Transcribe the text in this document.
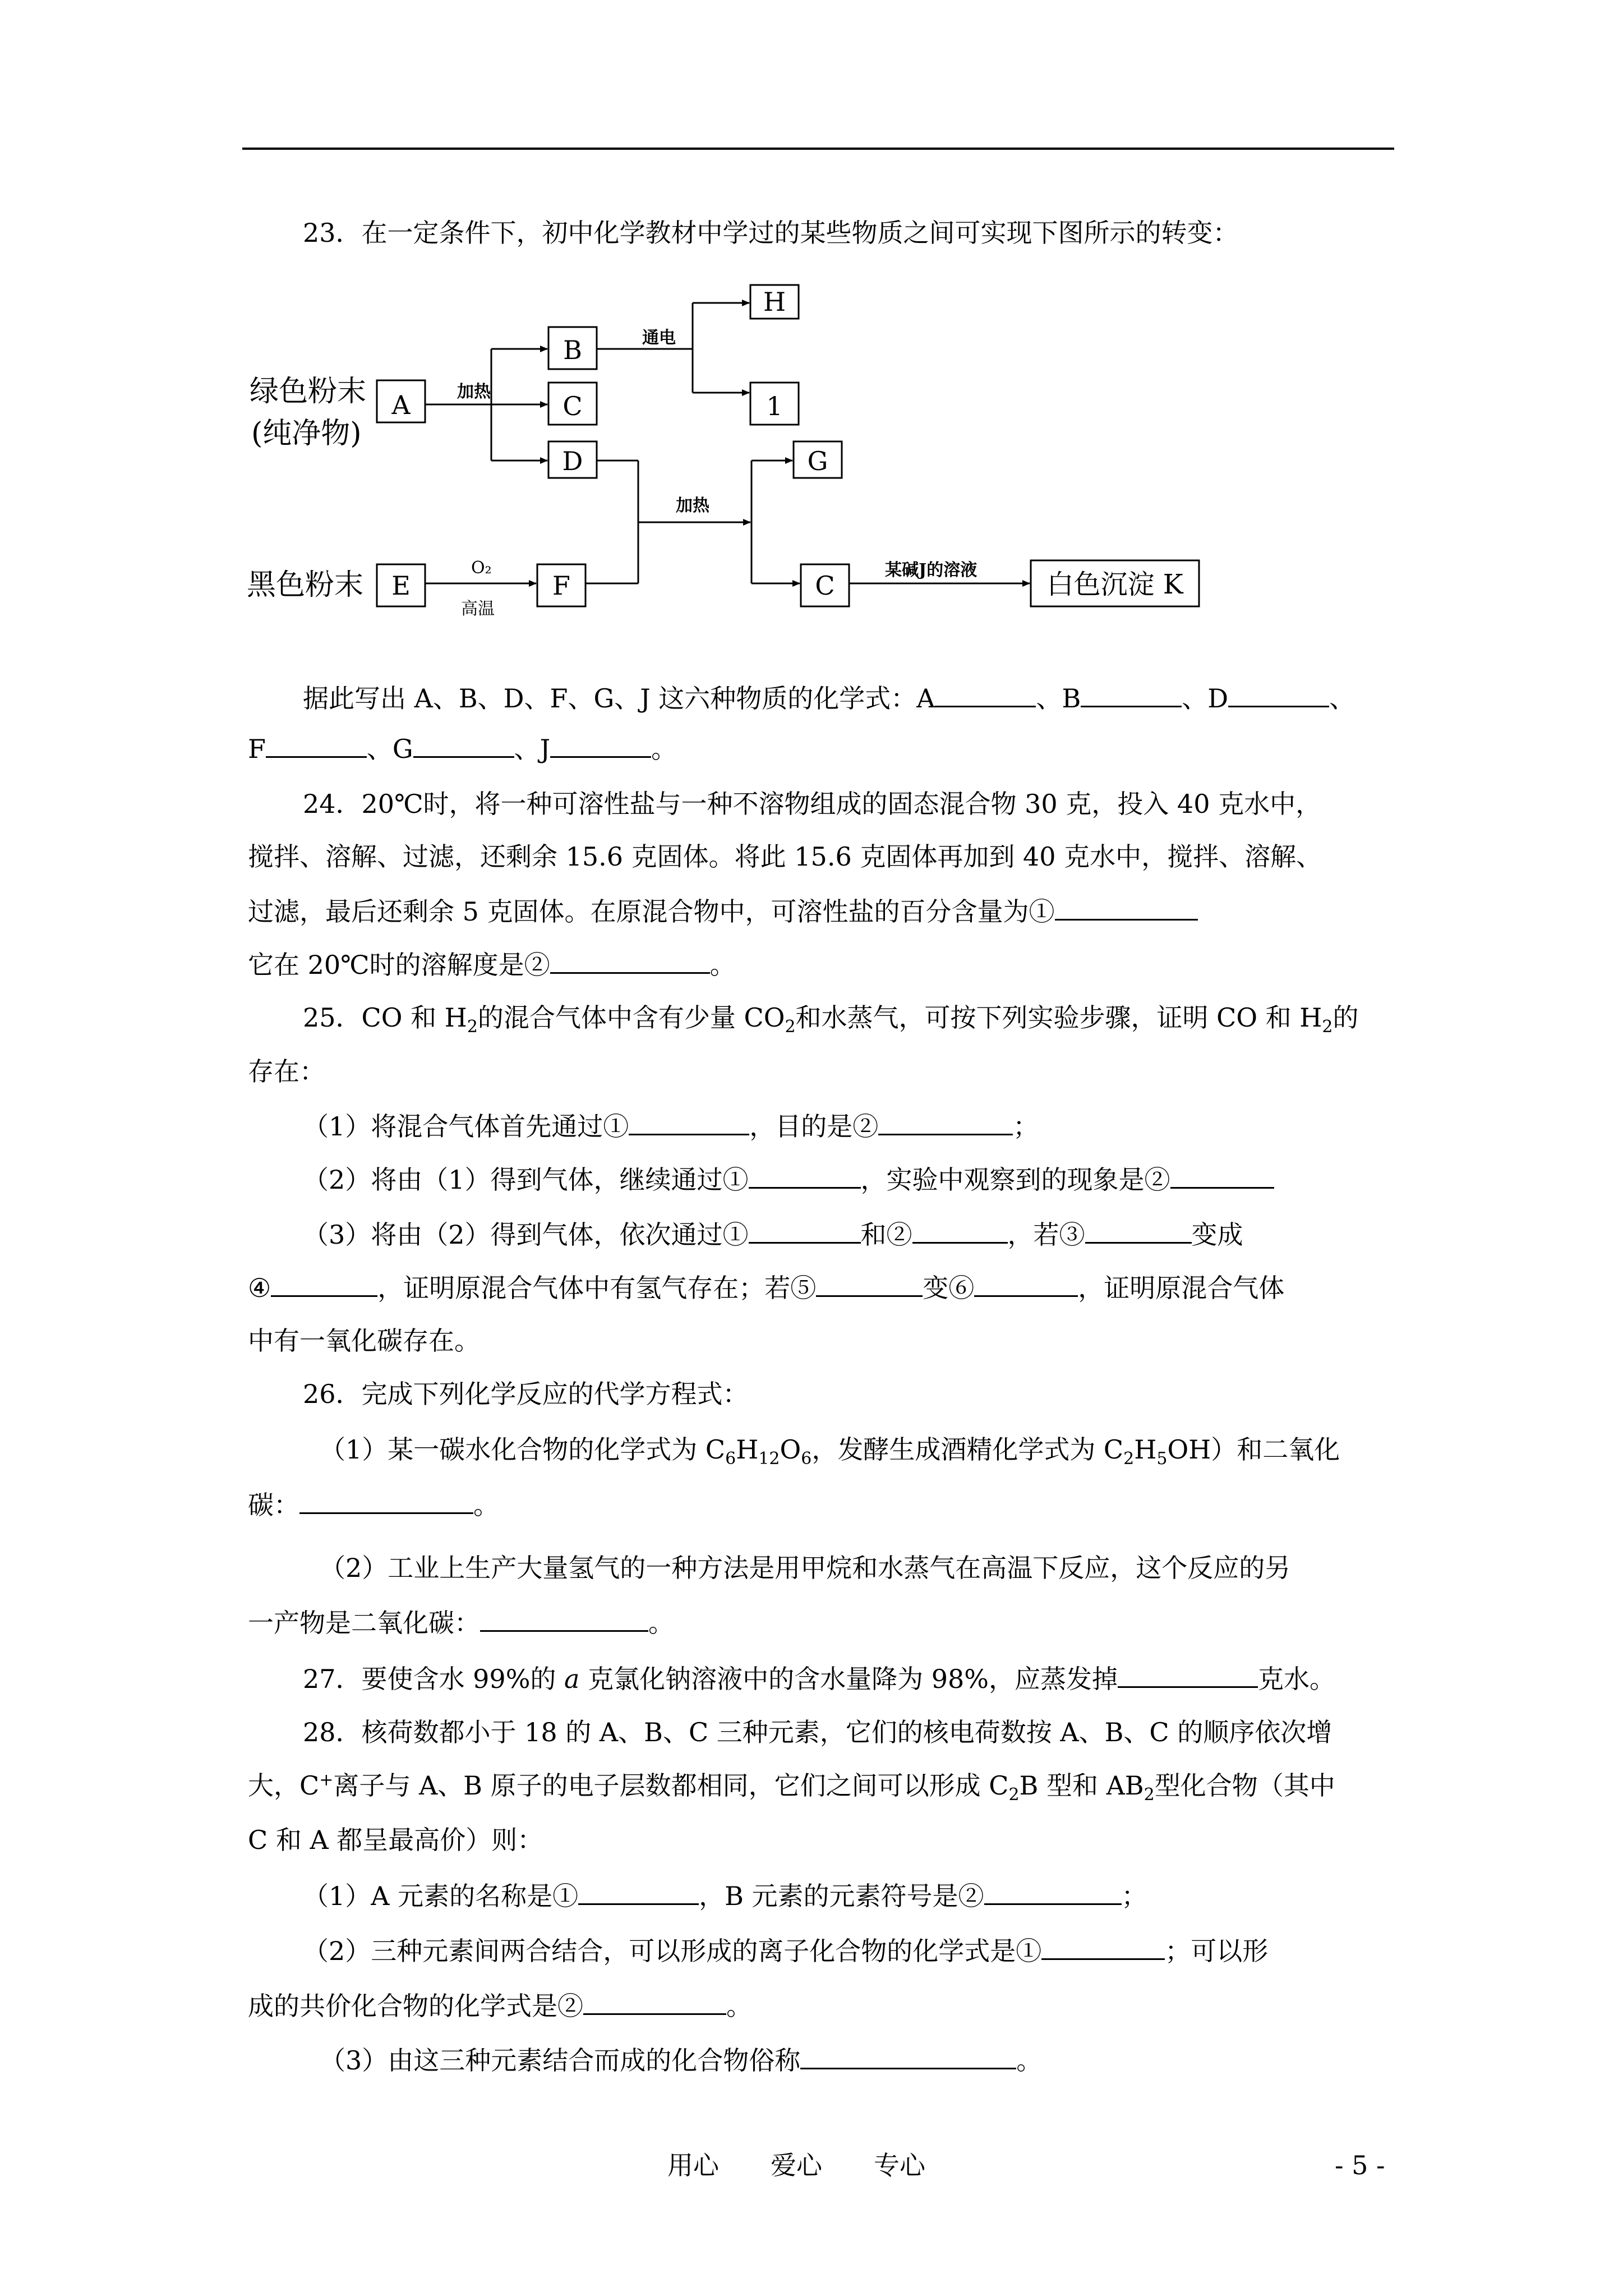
23．在一定条件下，初中化学教材中学过的某些物质之间可实现下图所示的转变：
绿色粉末
(纯净物)
黑色粉末
A
B
C
D
H
1
G
C
E	F	白色沉淀 K
加热
通电
加热
O₂
高温
某碱J的溶液
据此写出 A、B、D、F、G、J 这六种物质的化学式：A	、B	、D	、
F	、G	、J	。
24．20℃时，将一种可溶性盐与一种不溶物组成的固态混合物 30 克，投入 40 克水中，
搅拌、溶解、过滤，还剩余 15.6 克固体。将此 15.6 克固体再加到 40 克水中，搅拌、溶解、
过滤，最后还剩余 5 克固体。在原混合物中，可溶性盐的百分含量为①
它在 20℃时的溶解度是②	。
25．CO 和 $H_2$的混合气体中含有少量 $CO_2$和水蒸气，可按下列实验步骤，证明 CO 和 $H_2$的
存在：
（1）将混合气体首先通过①	，目的是②	；
（2）将由（1）得到气体，继续通过①	，实验中观察到的现象是②
（3）将由（2）得到气体，依次通过①	和②	，若③	变成
④	，证明原混合气体中有氢气存在；若⑤	变⑥	，证明原混合气体
中有一氧化碳存在。
26．完成下列化学反应的代学方程式：
（1）某一碳水化合物的化学式为 $C_6H_{12}O_6$，发酵生成酒精化学式为 $C_2H_5OH$）和二氧化
碳：	。
（2）工业上生产大量氢气的一种方法是用甲烷和水蒸气在高温下反应，这个反应的另
一产物是二氧化碳：	。
27．要使含水 99%的 a 克氯化钠溶液中的含水量降为 98%，应蒸发掉	克水。
28．核荷数都小于 18 的 A、B、C 三种元素，它们的核电荷数按 A、B、C 的顺序依次增
大，C+离子与 A、B 原子的电子层数都相同，它们之间可以形成 $C_2B$ 型和 $AB_2$型化合物（其中
C 和 A 都呈最高价）则：
（1）A 元素的名称是①	，B 元素的元素符号是②	；
（2）三种元素间两合结合，可以形成的离子化合物的化学式是①	；可以形
成的共价化合物的化学式是②	。
（3）由这三种元素结合而成的化合物俗称	。
用心　　爱心　　专心	- 5 -
